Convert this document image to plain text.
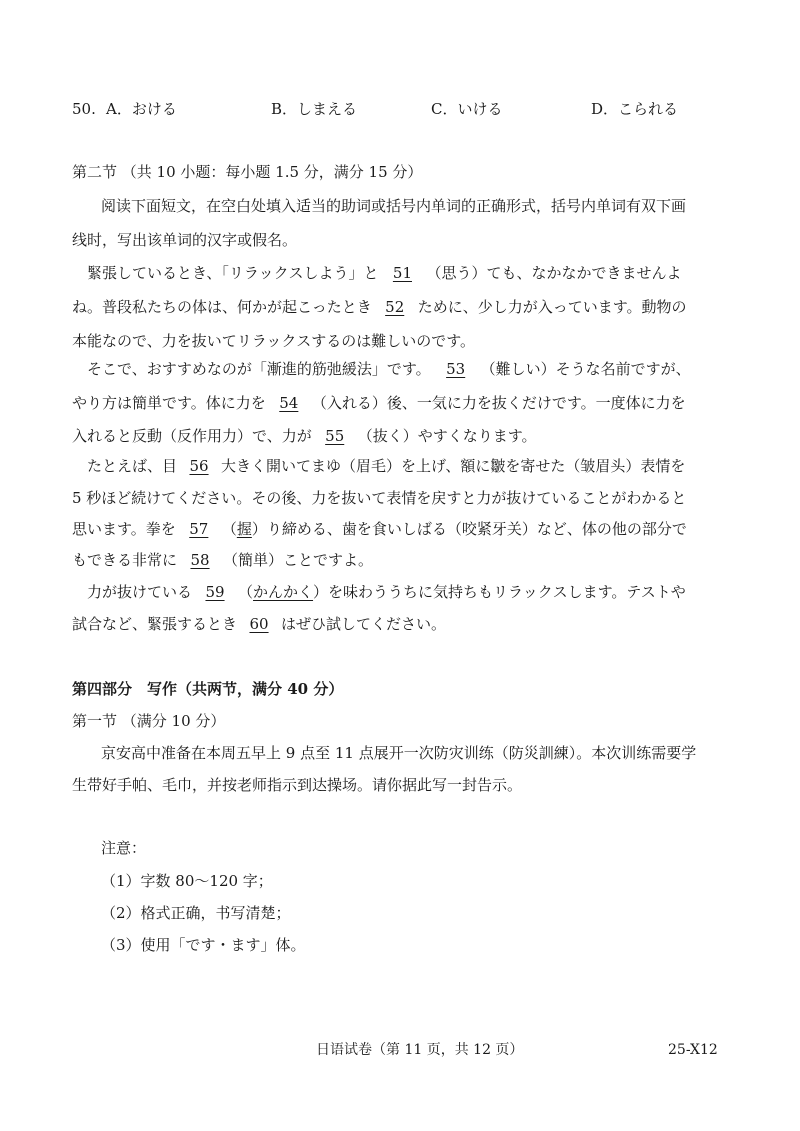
50. A．おける	B．しまえる	C．いける	D．こられる
第二节 （共 10 小题：每小题 1.5 分，满分 15 分）
阅读下面短文，在空白处填入适当的助词或括号内单词的正确形式，括号内单词有双下画
线时，写出该单词的汉字或假名。
緊張しているとき、「リラックスしよう」と 51 （思う）ても、なかなかできませんよ
ね。普段私たちの体は、何かが起こったとき 52 ために、少し力が入っています。動物の
本能なので、力を抜いてリラックスするのは難しいのです。
そこで、おすすめなのが「漸進的筋弛緩法」です。 53 （難しい）そうな名前ですが、
やり方は簡単です。体に力を 54 （入れる）後、一気に力を抜くだけです。一度体に力を
入れると反動（反作用力）で、力が 55 （抜く）やすくなります。
たとえば、目 56 大きく開いてまゆ（眉毛）を上げ、額に皺を寄せた（皱眉头）表情を
5 秒ほど続けてください。その後、力を抜いて表情を戻すと力が抜けていることがわかると
思います。拳を 57 （握）り締める、歯を食いしばる（咬紧牙关）など、体の他の部分で
もできる非常に 58 （簡単）ことですよ。
力が抜けている 59 （かんかく）を味わううちに気持ちもリラックスします。テストや
試合など、緊張するとき 60 はぜひ試してください。
第四部分　写作（共两节，满分 40 分）
第一节 （满分 10 分）
京安高中准备在本周五早上 9 点至 11 点展开一次防灾训练（防災訓練）。本次训练需要学
生带好手帕、毛巾，并按老师指示到达操场。请你据此写一封告示。
注意：
（1）字数 80～120 字；
（2）格式正确，书写清楚；
（3）使用「です・ます」体。
日语试卷（第 11 页，共 12 页）	25-X12
